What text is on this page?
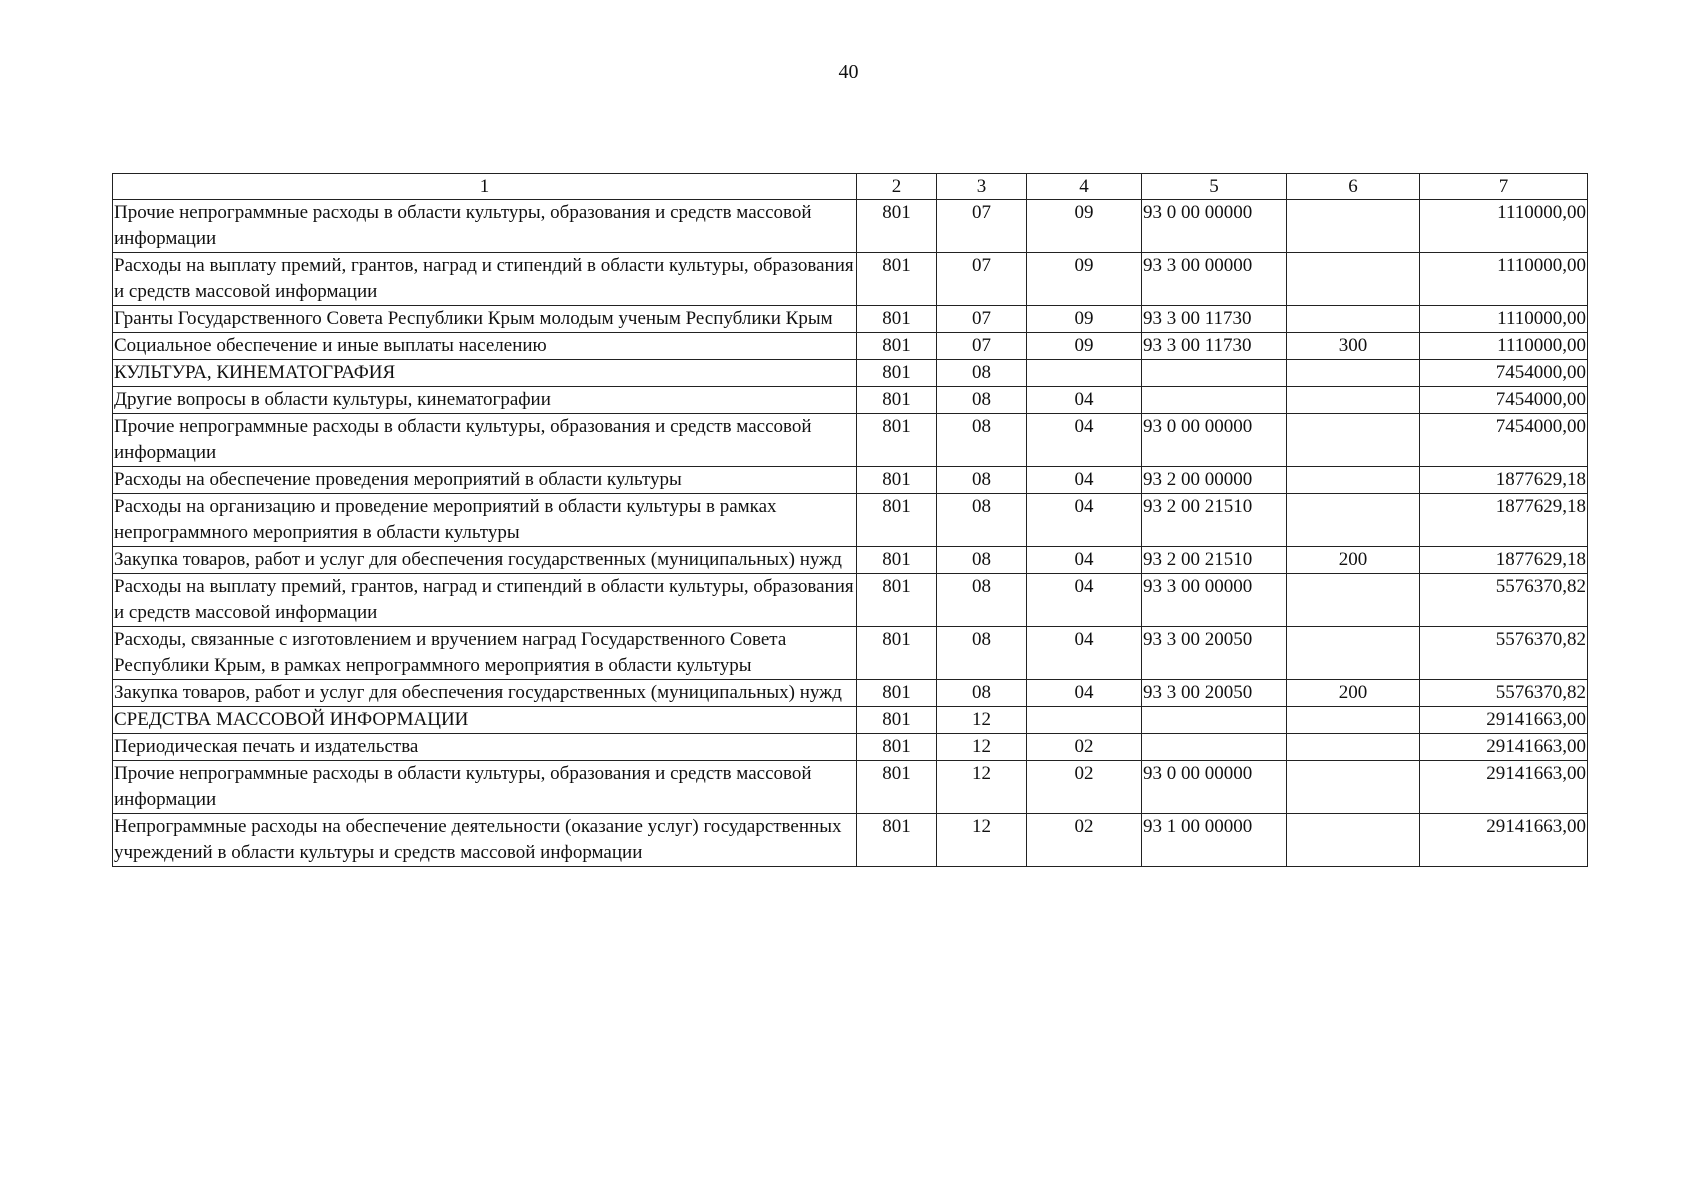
40
1	2	3	4	5	6	7
Прочие непрограммные расходы в области культуры, образования и средств массовой информации	801	07	09	93 0 00 00000		1110000,00
Расходы на выплату премий, грантов, наград и стипендий в области культуры, образования и средств массовой информации	801	07	09	93 3 00 00000		1110000,00
Гранты Государственного Совета Республики Крым молодым ученым Республики Крым	801	07	09	93 3 00 11730		1110000,00
Социальное обеспечение и иные выплаты населению	801	07	09	93 3 00 11730	300	1110000,00
КУЛЬТУРА, КИНЕМАТОГРАФИЯ	801	08				7454000,00
Другие вопросы в области культуры, кинематографии	801	08	04			7454000,00
Прочие непрограммные расходы в области культуры, образования и средств массовой информации	801	08	04	93 0 00 00000		7454000,00
Расходы на обеспечение проведения мероприятий в области культуры	801	08	04	93 2 00 00000		1877629,18
Расходы на организацию и проведение мероприятий в области культуры в рамках непрограммного мероприятия в области культуры	801	08	04	93 2 00 21510		1877629,18
Закупка товаров, работ и услуг для обеспечения государственных (муниципальных) нужд	801	08	04	93 2 00 21510	200	1877629,18
Расходы на выплату премий, грантов, наград и стипендий в области культуры, образования и средств массовой информации	801	08	04	93 3 00 00000		5576370,82
Расходы, связанные с изготовлением и вручением наград Государственного Совета Республики Крым, в рамках непрограммного мероприятия в области культуры	801	08	04	93 3 00 20050		5576370,82
Закупка товаров, работ и услуг для обеспечения государственных (муниципальных) нужд	801	08	04	93 3 00 20050	200	5576370,82
СРЕДСТВА МАССОВОЙ ИНФОРМАЦИИ	801	12				29141663,00
Периодическая печать и издательства	801	12	02			29141663,00
Прочие непрограммные расходы в области культуры, образования и средств массовой информации	801	12	02	93 0 00 00000		29141663,00
Непрограммные расходы на обеспечение деятельности (оказание услуг) государственных учреждений в области культуры и средств массовой информации	801	12	02	93 1 00 00000		29141663,00
